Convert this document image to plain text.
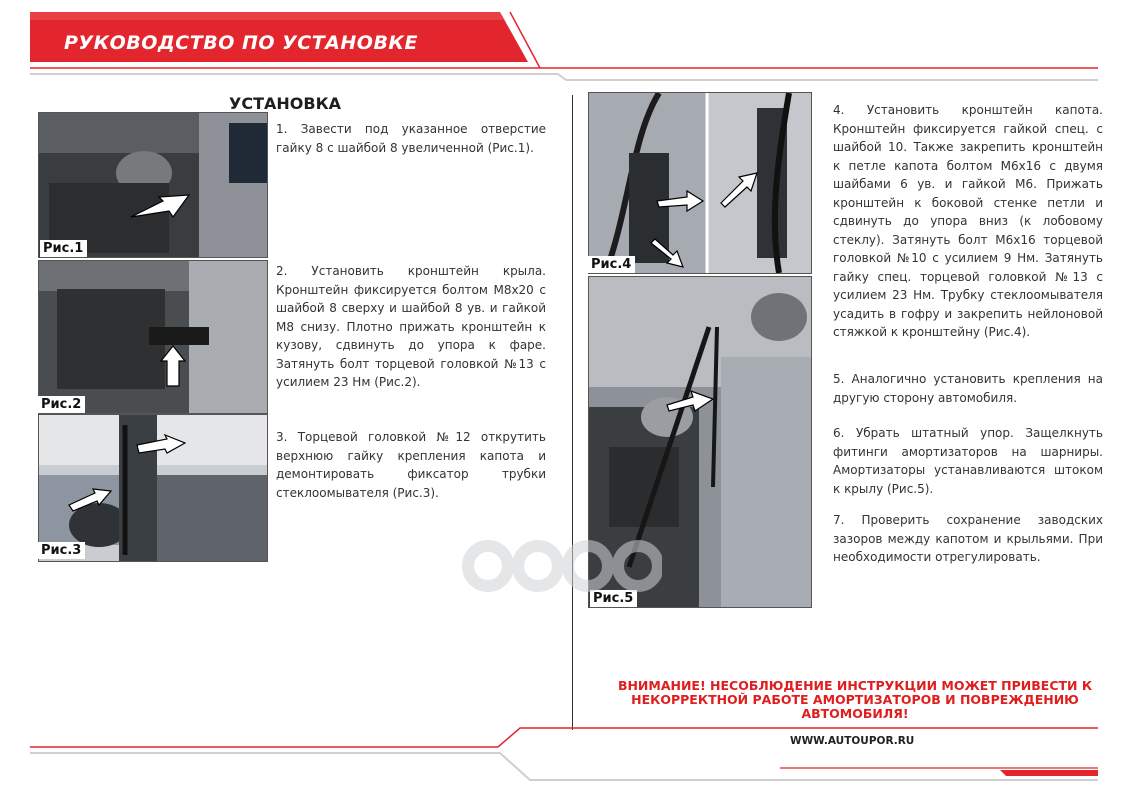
РУКОВОДСТВО ПО УСТАНОВКЕ
УСТАНОВКА
Рис.1
Рис.2
Рис.3
Рис.4
Рис.5
1. Завести под указанное отверстие гайку 8 с шайбой 8 увеличенной (Рис.1).
2. Установить кронштейн крыла. Кронштейн фиксируется болтом М8х20 с шайбой 8 сверху и шайбой 8 ув. и гайкой М8 снизу. Плотно прижать кронштейн к кузову, сдвинуть до упора к фаре. Затянуть болт торцевой головкой №13 с усилием 23 Нм (Рис.2).
3. Торцевой головкой №12 открутить верхнюю гайку крепления капота и демонтировать фиксатор трубки стеклоомывателя (Рис.3).
4. Установить кронштейн капота. Кронштейн фиксируется гайкой спец. с шайбой 10. Также закрепить кронштейн к петле капота болтом М6х16 с двумя шайбами 6 ув. и гайкой М6. Прижать кронштейн к боковой стенке петли и сдвинуть до упора вниз (к лобовому стеклу). Затянуть болт М6х16 торцевой головкой №10 с усилием 9 Нм. Затянуть гайку спец. торцевой головкой №13 с усилием 23 Нм. Трубку стеклоомывателя усадить в гофру и закрепить нейлоновой стяжкой к кронштейну (Рис.4).
5. Аналогично установить крепления на другую сторону автомобиля.
6. Убрать штатный упор. Защелкнуть фитинги амортизаторов на шарниры. Амортизаторы устанавливаются штоком к крылу (Рис.5).
7. Проверить сохранение заводских зазоров между капотом и крыльями. При необходимости отрегулировать.
ВНИМАНИЕ! НЕСОБЛЮДЕНИЕ ИНСТРУКЦИИ МОЖЕТ ПРИВЕСТИ К НЕКОРРЕКТНОЙ РАБОТЕ АМОРТИЗАТОРОВ И ПОВРЕЖДЕНИЮ АВТОМОБИЛЯ!
WWW.AUTOUPOR.RU
